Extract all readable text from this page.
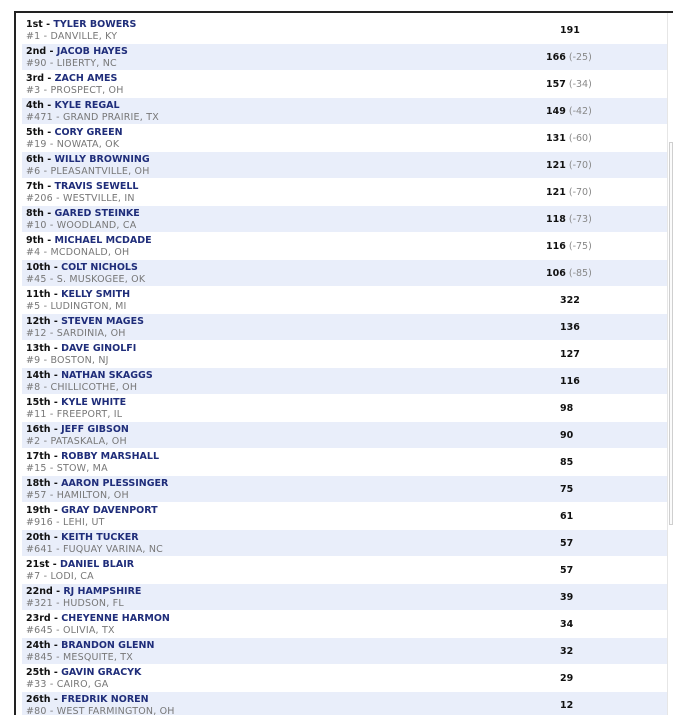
1st - TYLER BOWERS
#1 - DANVILLE, KY
191
2nd - JACOB HAYES
#90 - LIBERTY, NC
166 (-25)
3rd - ZACH AMES
#3 - PROSPECT, OH
157 (-34)
4th - KYLE REGAL
#471 - GRAND PRAIRIE, TX
149 (-42)
5th - CORY GREEN
#19 - NOWATA, OK
131 (-60)
6th - WILLY BROWNING
#6 - PLEASANTVILLE, OH
121 (-70)
7th - TRAVIS SEWELL
#206 - WESTVILLE, IN
121 (-70)
8th - GARED STEINKE
#10 - WOODLAND, CA
118 (-73)
9th - MICHAEL MCDADE
#4 - MCDONALD, OH
116 (-75)
10th - COLT NICHOLS
#45 - S. MUSKOGEE, OK
106 (-85)
11th - KELLY SMITH
#5 - LUDINGTON, MI
322
12th - STEVEN MAGES
#12 - SARDINIA, OH
136
13th - DAVE GINOLFI
#9 - BOSTON, NJ
127
14th - NATHAN SKAGGS
#8 - CHILLICOTHE, OH
116
15th - KYLE WHITE
#11 - FREEPORT, IL
98
16th - JEFF GIBSON
#2 - PATASKALA, OH
90
17th - ROBBY MARSHALL
#15 - STOW, MA
85
18th - AARON PLESSINGER
#57 - HAMILTON, OH
75
19th - GRAY DAVENPORT
#916 - LEHI, UT
61
20th - KEITH TUCKER
#641 - FUQUAY VARINA, NC
57
21st - DANIEL BLAIR
#7 - LODI, CA
57
22nd - RJ HAMPSHIRE
#321 - HUDSON, FL
39
23rd - CHEYENNE HARMON
#645 - OLIVIA, TX
34
24th - BRANDON GLENN
#845 - MESQUITE, TX
32
25th - GAVIN GRACYK
#33 - CAIRO, GA
29
26th - FREDRIK NOREN
#80 - WEST FARMINGTON, OH
12
